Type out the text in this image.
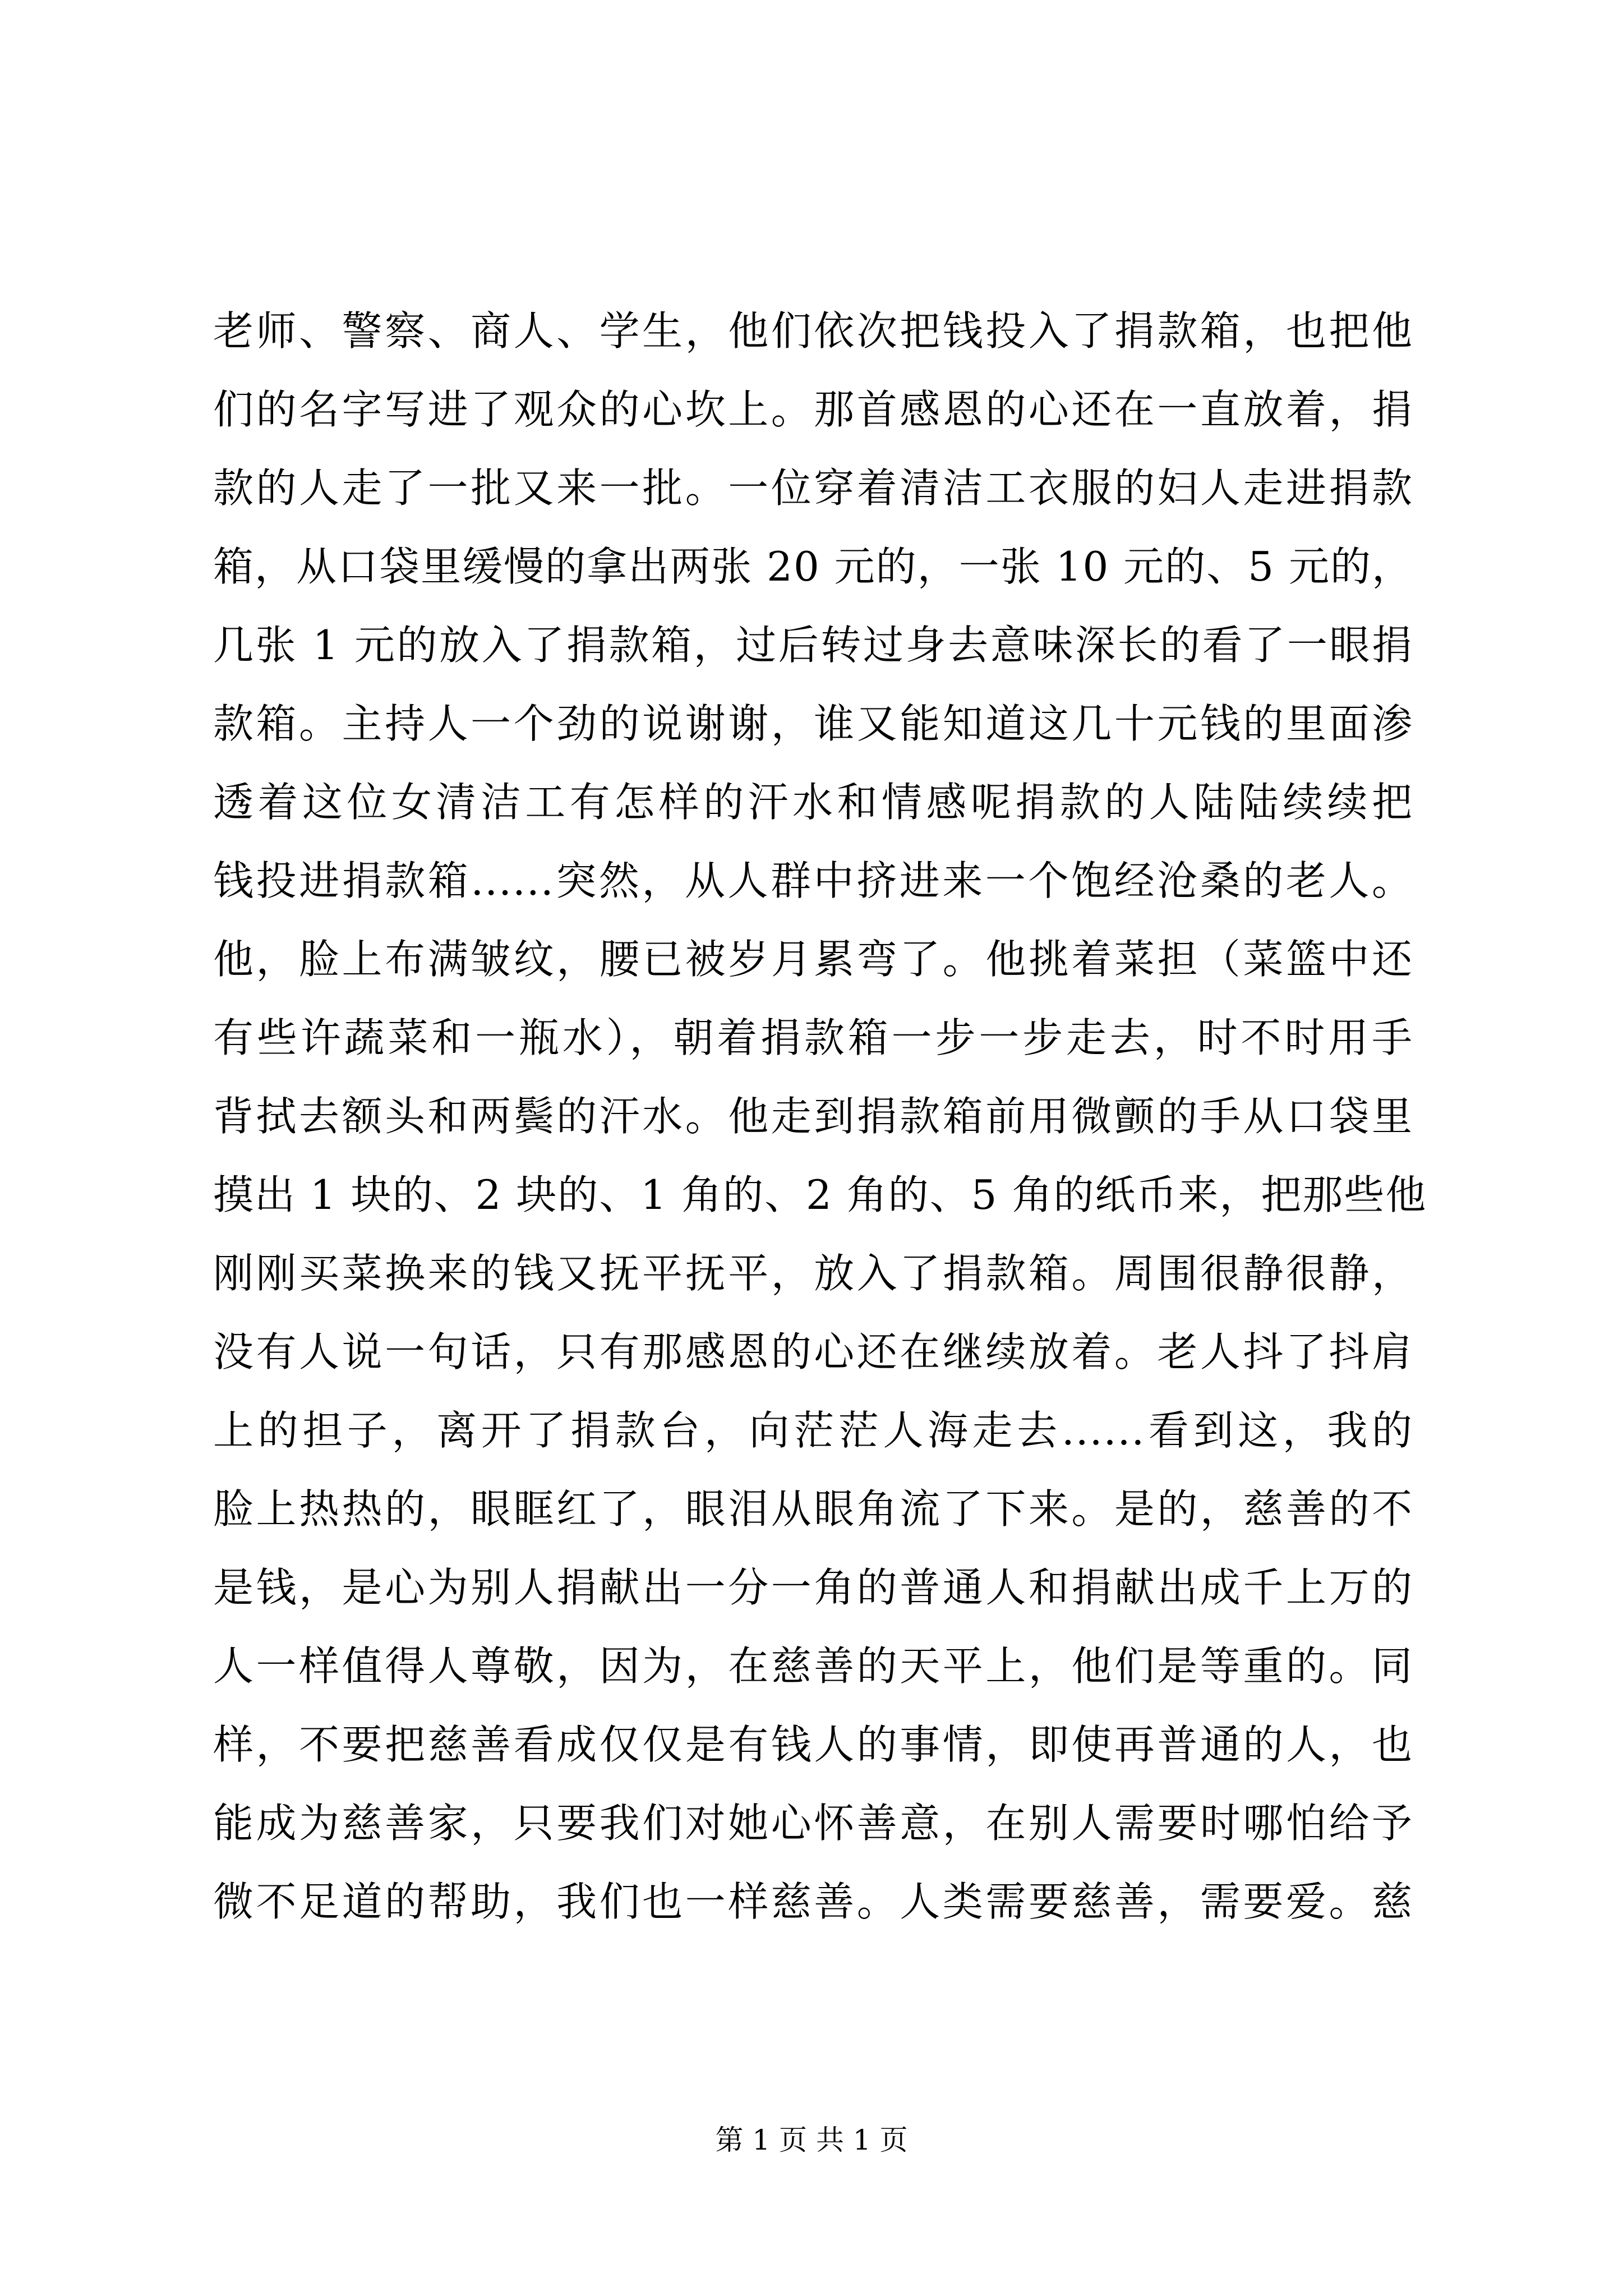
老师、警察、商人、学生，他们依次把钱投入了捐款箱，也把他
们的名字写进了观众的心坎上。那首感恩的心还在一直放着，捐
款的人走了一批又来一批。一位穿着清洁工衣服的妇人走进捐款
箱，从口袋里缓慢的拿出两张 20 元的，一张 10 元的、5 元的，
几张 1 元的放入了捐款箱，过后转过身去意味深长的看了一眼捐
款箱。主持人一个劲的说谢谢，谁又能知道这几十元钱的里面渗
透着这位女清洁工有怎样的汗水和情感呢捐款的人陆陆续续把
钱投进捐款箱......突然，从人群中挤进来一个饱经沧桑的老人。
他，脸上布满皱纹，腰已被岁月累弯了。他挑着菜担（菜篮中还
有些许蔬菜和一瓶水），朝着捐款箱一步一步走去，时不时用手
背拭去额头和两鬓的汗水。他走到捐款箱前用微颤的手从口袋里
摸出 1 块的、2 块的、1 角的、2 角的、5 角的纸币来，把那些他
刚刚买菜换来的钱又抚平抚平，放入了捐款箱。周围很静很静，
没有人说一句话，只有那感恩的心还在继续放着。老人抖了抖肩
上的担子，离开了捐款台，向茫茫人海走去......看到这，我的
脸上热热的，眼眶红了，眼泪从眼角流了下来。是的，慈善的不
是钱，是心为别人捐献出一分一角的普通人和捐献出成千上万的
人一样值得人尊敬，因为，在慈善的天平上，他们是等重的。同
样，不要把慈善看成仅仅是有钱人的事情，即使再普通的人，也
能成为慈善家，只要我们对她心怀善意，在别人需要时哪怕给予
微不足道的帮助，我们也一样慈善。人类需要慈善，需要爱。慈
第 1 页 共 1 页
